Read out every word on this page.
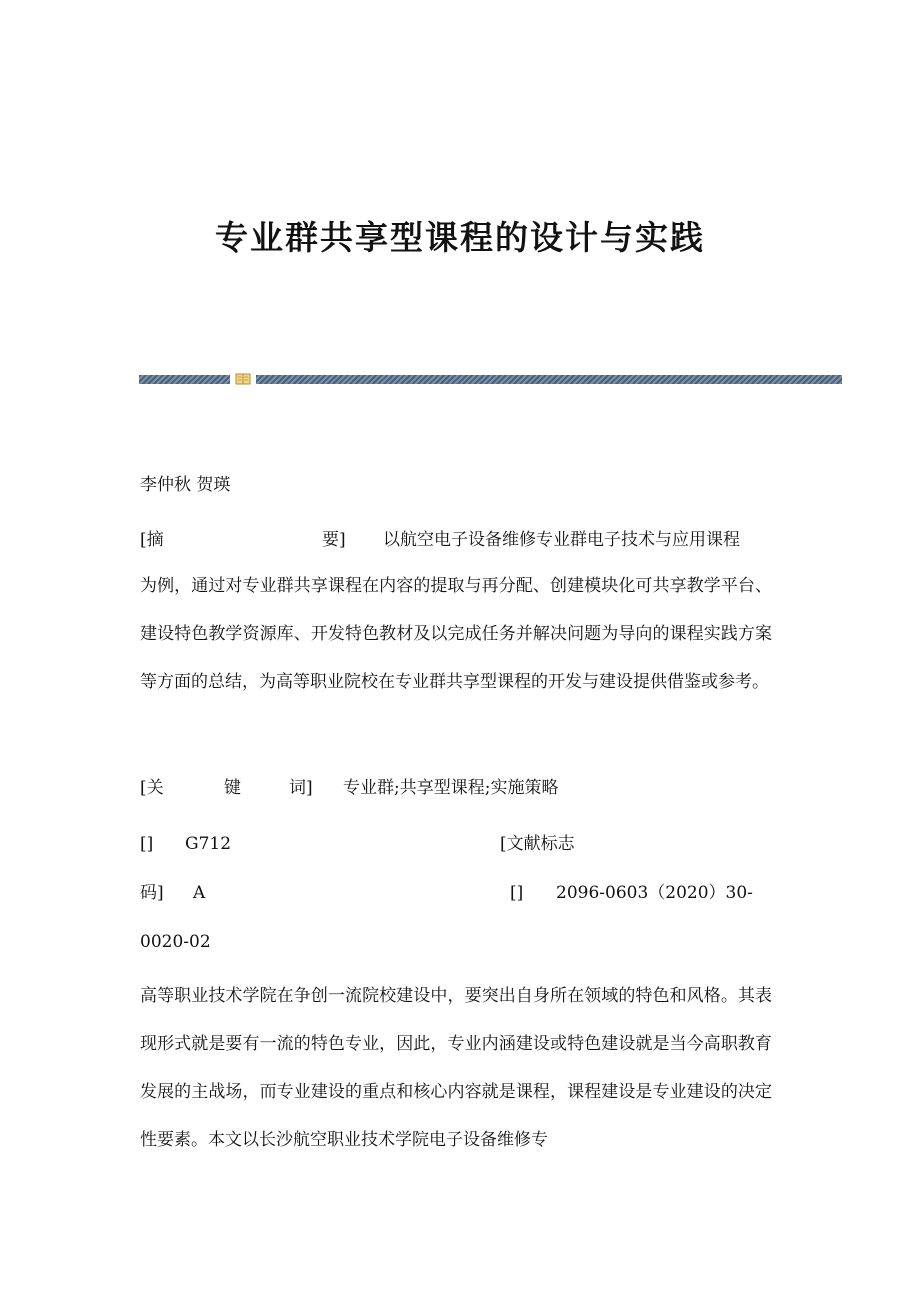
专业群共享型课程的设计与实践
李仲秋 贺瑛
[摘	要] 以航空电子设备维修专业群电子技术与应用课程

为例，通过对专业群共享课程在内容的提取与再分配、创建模块化可共享教学平台、建设特色教学资源库、开发特色教材及以完成任务并解决问题为导向的课程实践方案等方面的总结，为高等职业院校在专业群共享型课程的开发与建设提供借鉴或参考。

[关	键	词] 专业群;共享型课程;实施策略
[] G712	[文献标志
码] A	[] 2096-0603（2020）30-
0020-02

高等职业技术学院在争创一流院校建设中，要突出自身所在领域的特色和风格。其表现形式就是要有一流的特色专业，因此，专业内涵建设或特色建设就是当今高职教育发展的主战场，而专业建设的重点和核心内容就是课程，课程建设是专业建设的决定性要素。本文以长沙航空职业技术学院电子设备维修专
